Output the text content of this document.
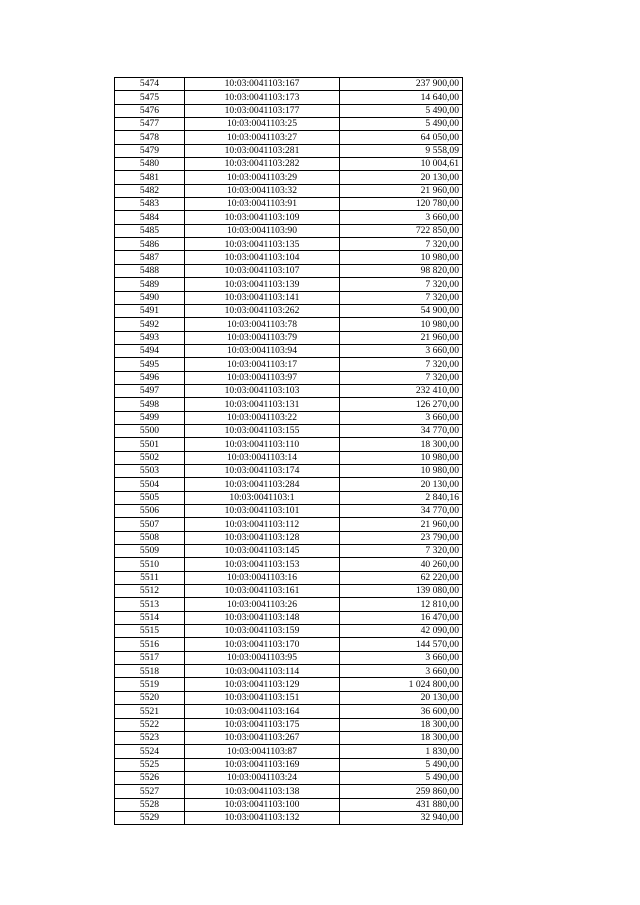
5474	10:03:0041103:167	237 900,00
5475	10:03:0041103:173	14 640,00
5476	10:03:0041103:177	5 490,00
5477	10:03:0041103:25	5 490,00
5478	10:03:0041103:27	64 050,00
5479	10:03:0041103:281	9 558,09
5480	10:03:0041103:282	10 004,61
5481	10:03:0041103:29	20 130,00
5482	10:03:0041103:32	21 960,00
5483	10:03:0041103:91	120 780,00
5484	10:03:0041103:109	3 660,00
5485	10:03:0041103:90	722 850,00
5486	10:03:0041103:135	7 320,00
5487	10:03:0041103:104	10 980,00
5488	10:03:0041103:107	98 820,00
5489	10:03:0041103:139	7 320,00
5490	10:03:0041103:141	7 320,00
5491	10:03:0041103:262	54 900,00
5492	10:03:0041103:78	10 980,00
5493	10:03:0041103:79	21 960,00
5494	10:03:0041103:94	3 660,00
5495	10:03:0041103:17	7 320,00
5496	10:03:0041103:97	7 320,00
5497	10:03:0041103:103	232 410,00
5498	10:03:0041103:131	126 270,00
5499	10:03:0041103:22	3 660,00
5500	10:03:0041103:155	34 770,00
5501	10:03:0041103:110	18 300,00
5502	10:03:0041103:14	10 980,00
5503	10:03:0041103:174	10 980,00
5504	10:03:0041103:284	20 130,00
5505	10:03:0041103:1	2 840,16
5506	10:03:0041103:101	34 770,00
5507	10:03:0041103:112	21 960,00
5508	10:03:0041103:128	23 790,00
5509	10:03:0041103:145	7 320,00
5510	10:03:0041103:153	40 260,00
5511	10:03:0041103:16	62 220,00
5512	10:03:0041103:161	139 080,00
5513	10:03:0041103:26	12 810,00
5514	10:03:0041103:148	16 470,00
5515	10:03:0041103:159	42 090,00
5516	10:03:0041103:170	144 570,00
5517	10:03:0041103:95	3 660,00
5518	10:03:0041103:114	3 660,00
5519	10:03:0041103:129	1 024 800,00
5520	10:03:0041103:151	20 130,00
5521	10:03:0041103:164	36 600,00
5522	10:03:0041103:175	18 300,00
5523	10:03:0041103:267	18 300,00
5524	10:03:0041103:87	1 830,00
5525	10:03:0041103:169	5 490,00
5526	10:03:0041103:24	5 490,00
5527	10:03:0041103:138	259 860,00
5528	10:03:0041103:100	431 880,00
5529	10:03:0041103:132	32 940,00
